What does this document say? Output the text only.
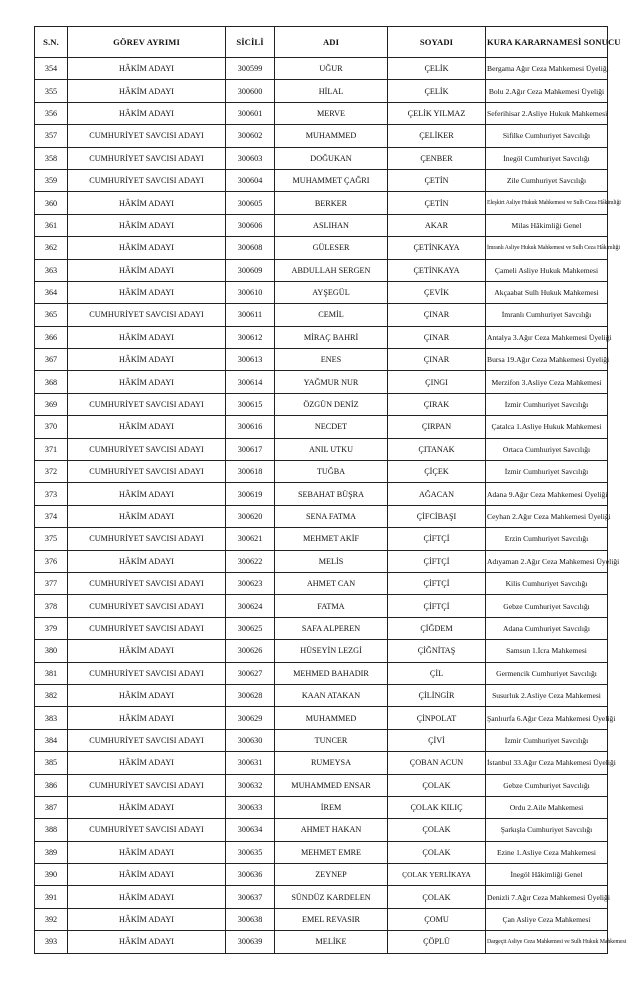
S.N.	GÖREV AYRIMI	SİCİLİ	ADI	SOYADI	KURA KARARNAMESİ SONUCU
354	HÂKİM ADAYI	300599	UĞUR	ÇELİK	Bergama Ağır Ceza Mahkemesi Üyeliği
355	HÂKİM ADAYI	300600	HİLAL	ÇELİK	Bolu 2.Ağır Ceza Mahkemesi Üyeliği
356	HÂKİM ADAYI	300601	MERVE	ÇELİK YILMAZ	Seferihisar 2.Asliye Hukuk Mahkemesi
357	CUMHURİYET SAVCISI ADAYI	300602	MUHAMMED	ÇELİKER	Sifilke Cumhuriyet Savcılığı
358	CUMHURİYET SAVCISI ADAYI	300603	DOĞUKAN	ÇENBER	İnegöl Cumhuriyet Savcılığı
359	CUMHURİYET SAVCISI ADAYI	300604	MUHAMMET ÇAĞRI	ÇETİN	Zile Cumhuriyet Savcılığı
360	HÂKİM ADAYI	300605	BERKER	ÇETİN	Eleşkirt Asliye Hukuk Mahkemesi ve Sulh Ceza Hâkimliği
361	HÂKİM ADAYI	300606	ASLIHAN	AKAR	Milas Hâkimliği Genel
362	HÂKİM ADAYI	300608	GÜLESER	ÇETİNKAYA	İmranlı Asliye Hukuk Mahkemesi ve Sulh Ceza Hâkimliği
363	HÂKİM ADAYI	300609	ABDULLAH SERGEN	ÇETİNKAYA	Çameli Asliye Hukuk Mahkemesi
364	HÂKİM ADAYI	300610	AYŞEGÜL	ÇEVİK	Akçaabat Sulh Hukuk Mahkemesi
365	CUMHURİYET SAVCISI ADAYI	300611	CEMİL	ÇINAR	İmranlı Cumhuriyet Savcılığı
366	HÂKİM ADAYI	300612	MİRAÇ BAHRİ	ÇINAR	Antalya 3.Ağır Ceza Mahkemesi Üyeliği
367	HÂKİM ADAYI	300613	ENES	ÇINAR	Bursa 19.Ağır Ceza Mahkemesi Üyeliği
368	HÂKİM ADAYI	300614	YAĞMUR NUR	ÇINGI	Merzifon 3.Asliye Ceza Mahkemesi
369	CUMHURİYET SAVCISI ADAYI	300615	ÖZGÜN DENİZ	ÇIRAK	İzmir Cumhuriyet Savcılığı
370	HÂKİM ADAYI	300616	NECDET	ÇIRPAN	Çatalca 1.Asliye Hukuk Mahkemesi
371	CUMHURİYET SAVCISI ADAYI	300617	ANIL UTKU	ÇITANAK	Ortaca Cumhuriyet Savcılığı
372	CUMHURİYET SAVCISI ADAYI	300618	TUĞBA	ÇİÇEK	İzmir Cumhuriyet Savcılığı
373	HÂKİM ADAYI	300619	SEBAHAT BÜŞRA	AĞACAN	Adana 9.Ağır Ceza Mahkemesi Üyeliği
374	HÂKİM ADAYI	300620	SENA FATMA	ÇİFCİBAŞI	Ceyhan 2.Ağır Ceza Mahkemesi Üyeliği
375	CUMHURİYET SAVCISI ADAYI	300621	MEHMET AKİF	ÇİFTÇİ	Erzin Cumhuriyet Savcılığı
376	HÂKİM ADAYI	300622	MELİS	ÇİFTÇİ	Adıyaman 2.Ağır Ceza Mahkemesi Üyeliği
377	CUMHURİYET SAVCISI ADAYI	300623	AHMET CAN	ÇİFTÇİ	Kilis Cumhuriyet Savcılığı
378	CUMHURİYET SAVCISI ADAYI	300624	FATMA	ÇİFTÇİ	Gebze Cumhuriyet Savcılığı
379	CUMHURİYET SAVCISI ADAYI	300625	SAFA ALPEREN	ÇİĞDEM	Adana Cumhuriyet Savcılığı
380	HÂKİM ADAYI	300626	HÜSEYİN LEZGİ	ÇİĞNİTAŞ	Samsun 1.İcra Mahkemesi
381	CUMHURİYET SAVCISI ADAYI	300627	MEHMED BAHADIR	ÇİL	Germencik Cumhuriyet Savcılığı
382	HÂKİM ADAYI	300628	KAAN ATAKAN	ÇİLİNGİR	Susurluk 2.Asliye Ceza Mahkemesi
383	HÂKİM ADAYI	300629	MUHAMMED	ÇİNPOLAT	Şanlıurfa 6.Ağır Ceza Mahkemesi Üyeliği
384	CUMHURİYET SAVCISI ADAYI	300630	TUNCER	ÇİVİ	İzmir Cumhuriyet Savcılığı
385	HÂKİM ADAYI	300631	RUMEYSA	ÇOBAN ACUN	İstanbul 33.Ağır Ceza Mahkemesi Üyeliği
386	CUMHURİYET SAVCISI ADAYI	300632	MUHAMMED ENSAR	ÇOLAK	Gebze Cumhuriyet Savcılığı
387	HÂKİM ADAYI	300633	İREM	ÇOLAK KILIÇ	Ordu 2.Aile Mahkemesi
388	CUMHURİYET SAVCISI ADAYI	300634	AHMET HAKAN	ÇOLAK	Şarkışla Cumhuriyet Savcılığı
389	HÂKİM ADAYI	300635	MEHMET EMRE	ÇOLAK	Ezine 1.Asliye Ceza Mahkemesi
390	HÂKİM ADAYI	300636	ZEYNEP	ÇOLAK YERLİKAYA	İnegöl Hâkimliği Genel
391	HÂKİM ADAYI	300637	SÜNDÜZ KARDELEN	ÇOLAK	Denizli 7.Ağır Ceza Mahkemesi Üyeliği
392	HÂKİM ADAYI	300638	EMEL REVASIR	ÇOMU	Çan Asliye Ceza Mahkemesi
393	HÂKİM ADAYI	300639	MELİKE	ÇÖPLÜ	Dargeçit Asliye Ceza Mahkemesi ve Sulh Hukuk Mahkemesi
